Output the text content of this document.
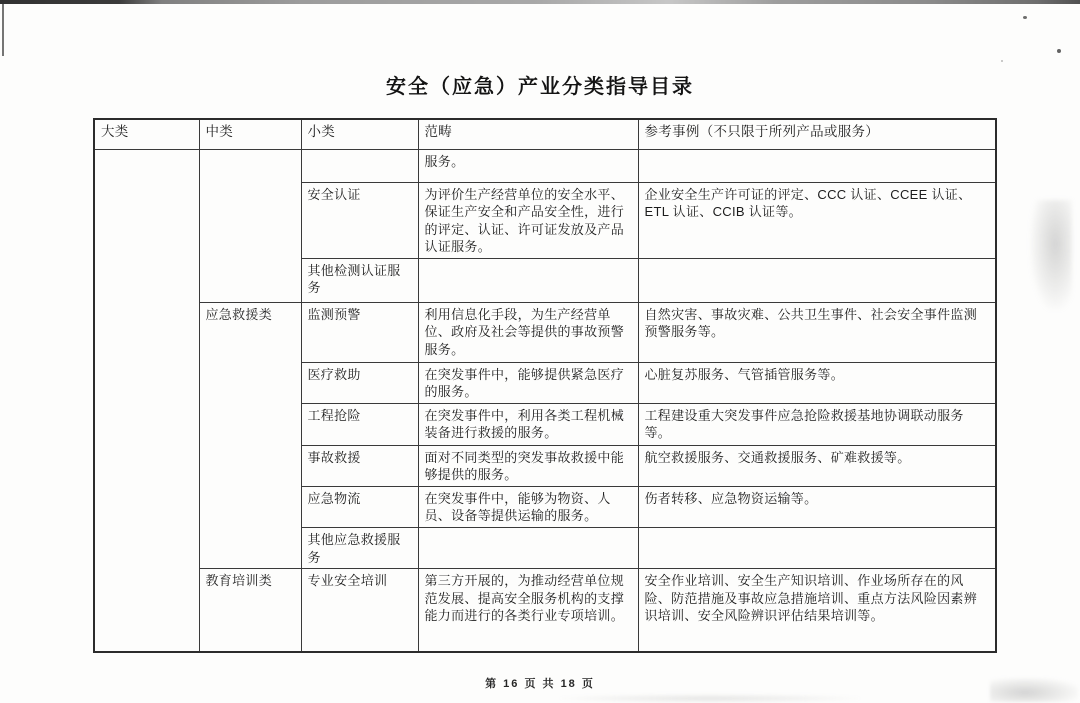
安全（应急）产业分类指导目录
大类	中类	小类	范畴	参考事例（不只限于所列产品或服务）
			服务。	
		安全认证	为评价生产经营单位的安全水平、保证生产安全和产品安全性，进行的评定、认证、许可证发放及产品认证服务。	企业安全生产许可证的评定、CCC 认证、CCEE 认证、ETL 认证、CCIB 认证等。
		其他检测认证服务		
	应急救援类	监测预警	利用信息化手段，为生产经营单位、政府及社会等提供的事故预警服务。	自然灾害、事故灾难、公共卫生事件、社会安全事件监测预警服务等。
		医疗救助	在突发事件中，能够提供紧急医疗的服务。	心脏复苏服务、气管插管服务等。
		工程抢险	在突发事件中，利用各类工程机械装备进行救援的服务。	工程建设重大突发事件应急抢险救援基地协调联动服务等。
		事故救援	面对不同类型的突发事故救援中能够提供的服务。	航空救援服务、交通救援服务、矿难救援等。
		应急物流	在突发事件中，能够为物资、人员、设备等提供运输的服务。	伤者转移、应急物资运输等。
		其他应急救援服务		
	教育培训类	专业安全培训	第三方开展的，为推动经营单位规范发展、提高安全服务机构的支撑能力而进行的各类行业专项培训。	安全作业培训、安全生产知识培训、作业场所存在的风险、防范措施及事故应急措施培训、重点方法风险因素辨识培训、安全风险辨识评估结果培训等。
第 16 页 共 18 页
